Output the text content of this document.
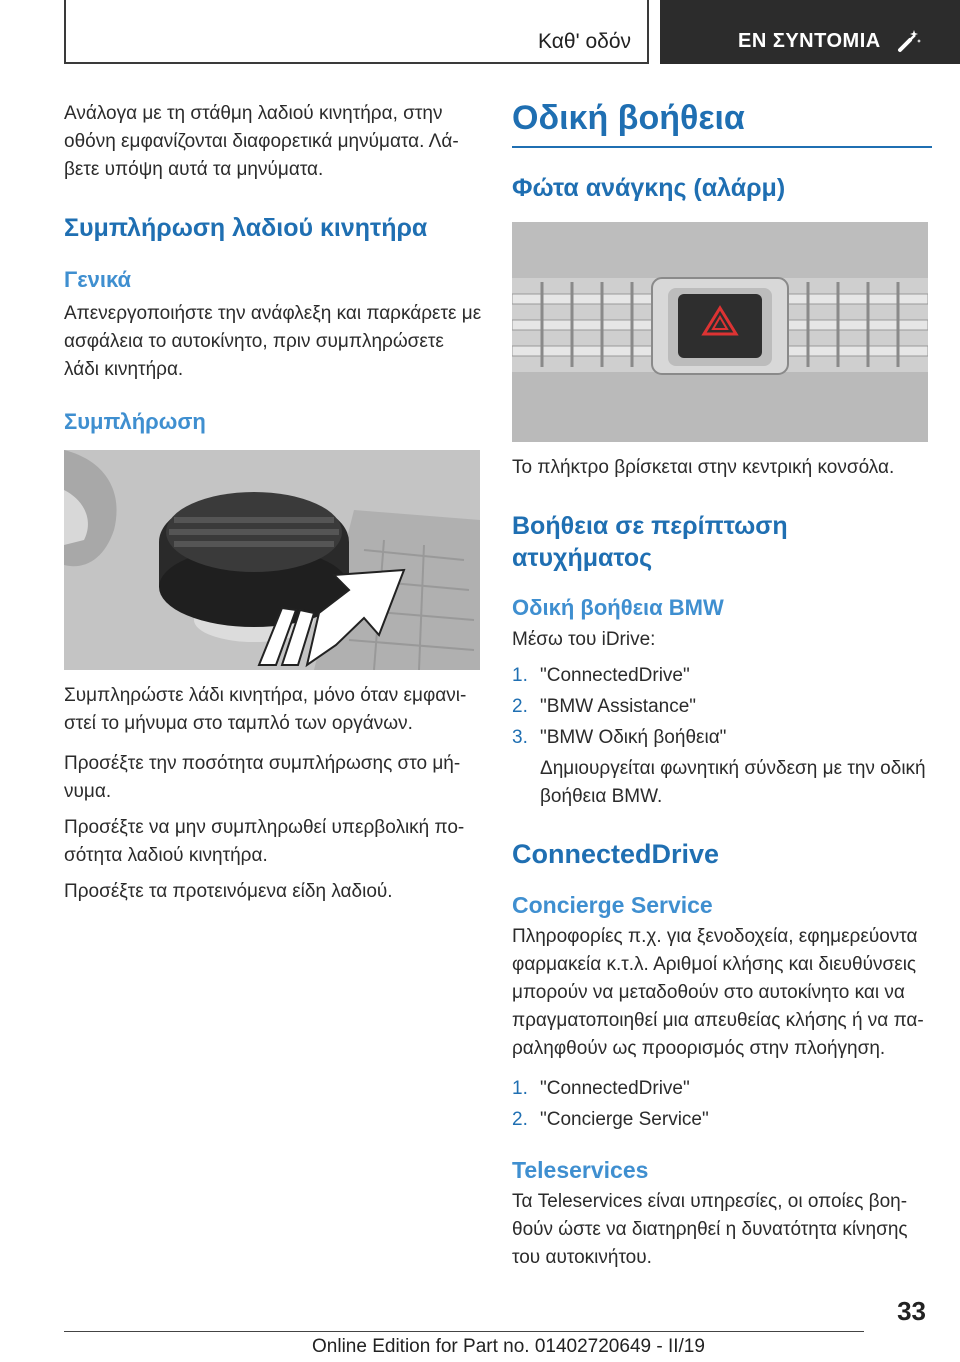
Καθ' οδόν	ΕΝ ΣΥΝΤΟΜΙΑ

Ανάλογα με τη στάθμη λαδιού κινητήρα, στην οθόνη εμφανίζονται διαφορετικά μηνύματα. Λά-βετε υπόψη αυτά τα μηνύματα.

Συμπλήρωση λαδιού κινητήρα
Γενικά

Απενεργοποιήστε την ανάφλεξη και παρκάρετε με ασφάλεια το αυτοκίνητο, πριν συμπληρώσετε λάδι κινητήρα.

Συμπλήρωση

Συμπληρώστε λάδι κινητήρα, μόνο όταν εμφανι-στεί το μήνυμα στο ταμπλό των οργάνων.

Προσέξτε την ποσότητα συμπλήρωσης στο μή-νυμα.

Προσέξτε να μην συμπληρωθεί υπερβολική πο-σότητα λαδιού κινητήρα.

Προσέξτε τα προτεινόμενα είδη λαδιού.

Οδική βοήθεια
Φώτα ανάγκης (αλάρμ)

Το πλήκτρο βρίσκεται στην κεντρική κονσόλα.

Βοήθεια σε περίπτωση ατυχήματος
Οδική βοήθεια BMW

Μέσω του iDrive:

1. "ConnectedDrive"
2. "BMW Assistance"
3. "BMW Οδική βοήθεια"

Δημιουργείται φωνητική σύνδεση με την οδική βοήθεια BMW.

ConnectedDrive
Concierge Service

Πληροφορίες π.χ. για ξενοδοχεία, εφημερεύοντα φαρμακεία κ.τ.λ. Αριθμοί κλήσης και διευθύνσεις μπορούν να μεταδοθούν στο αυτοκίνητο και να πραγματοποιηθεί μια απευθείας κλήσης ή να πα-ραληφθούν ως προορισμός στην πλοήγηση.

1. "ConnectedDrive"
2. "Concierge Service"
Teleservices

Τα Teleservices είναι υπηρεσίες, οι οποίες βοη-θούν ώστε να διατηρηθεί η δυνατότητα κίνησης του αυτοκινήτου.

33
Online Edition for Part no. 01402720649 - II/19
